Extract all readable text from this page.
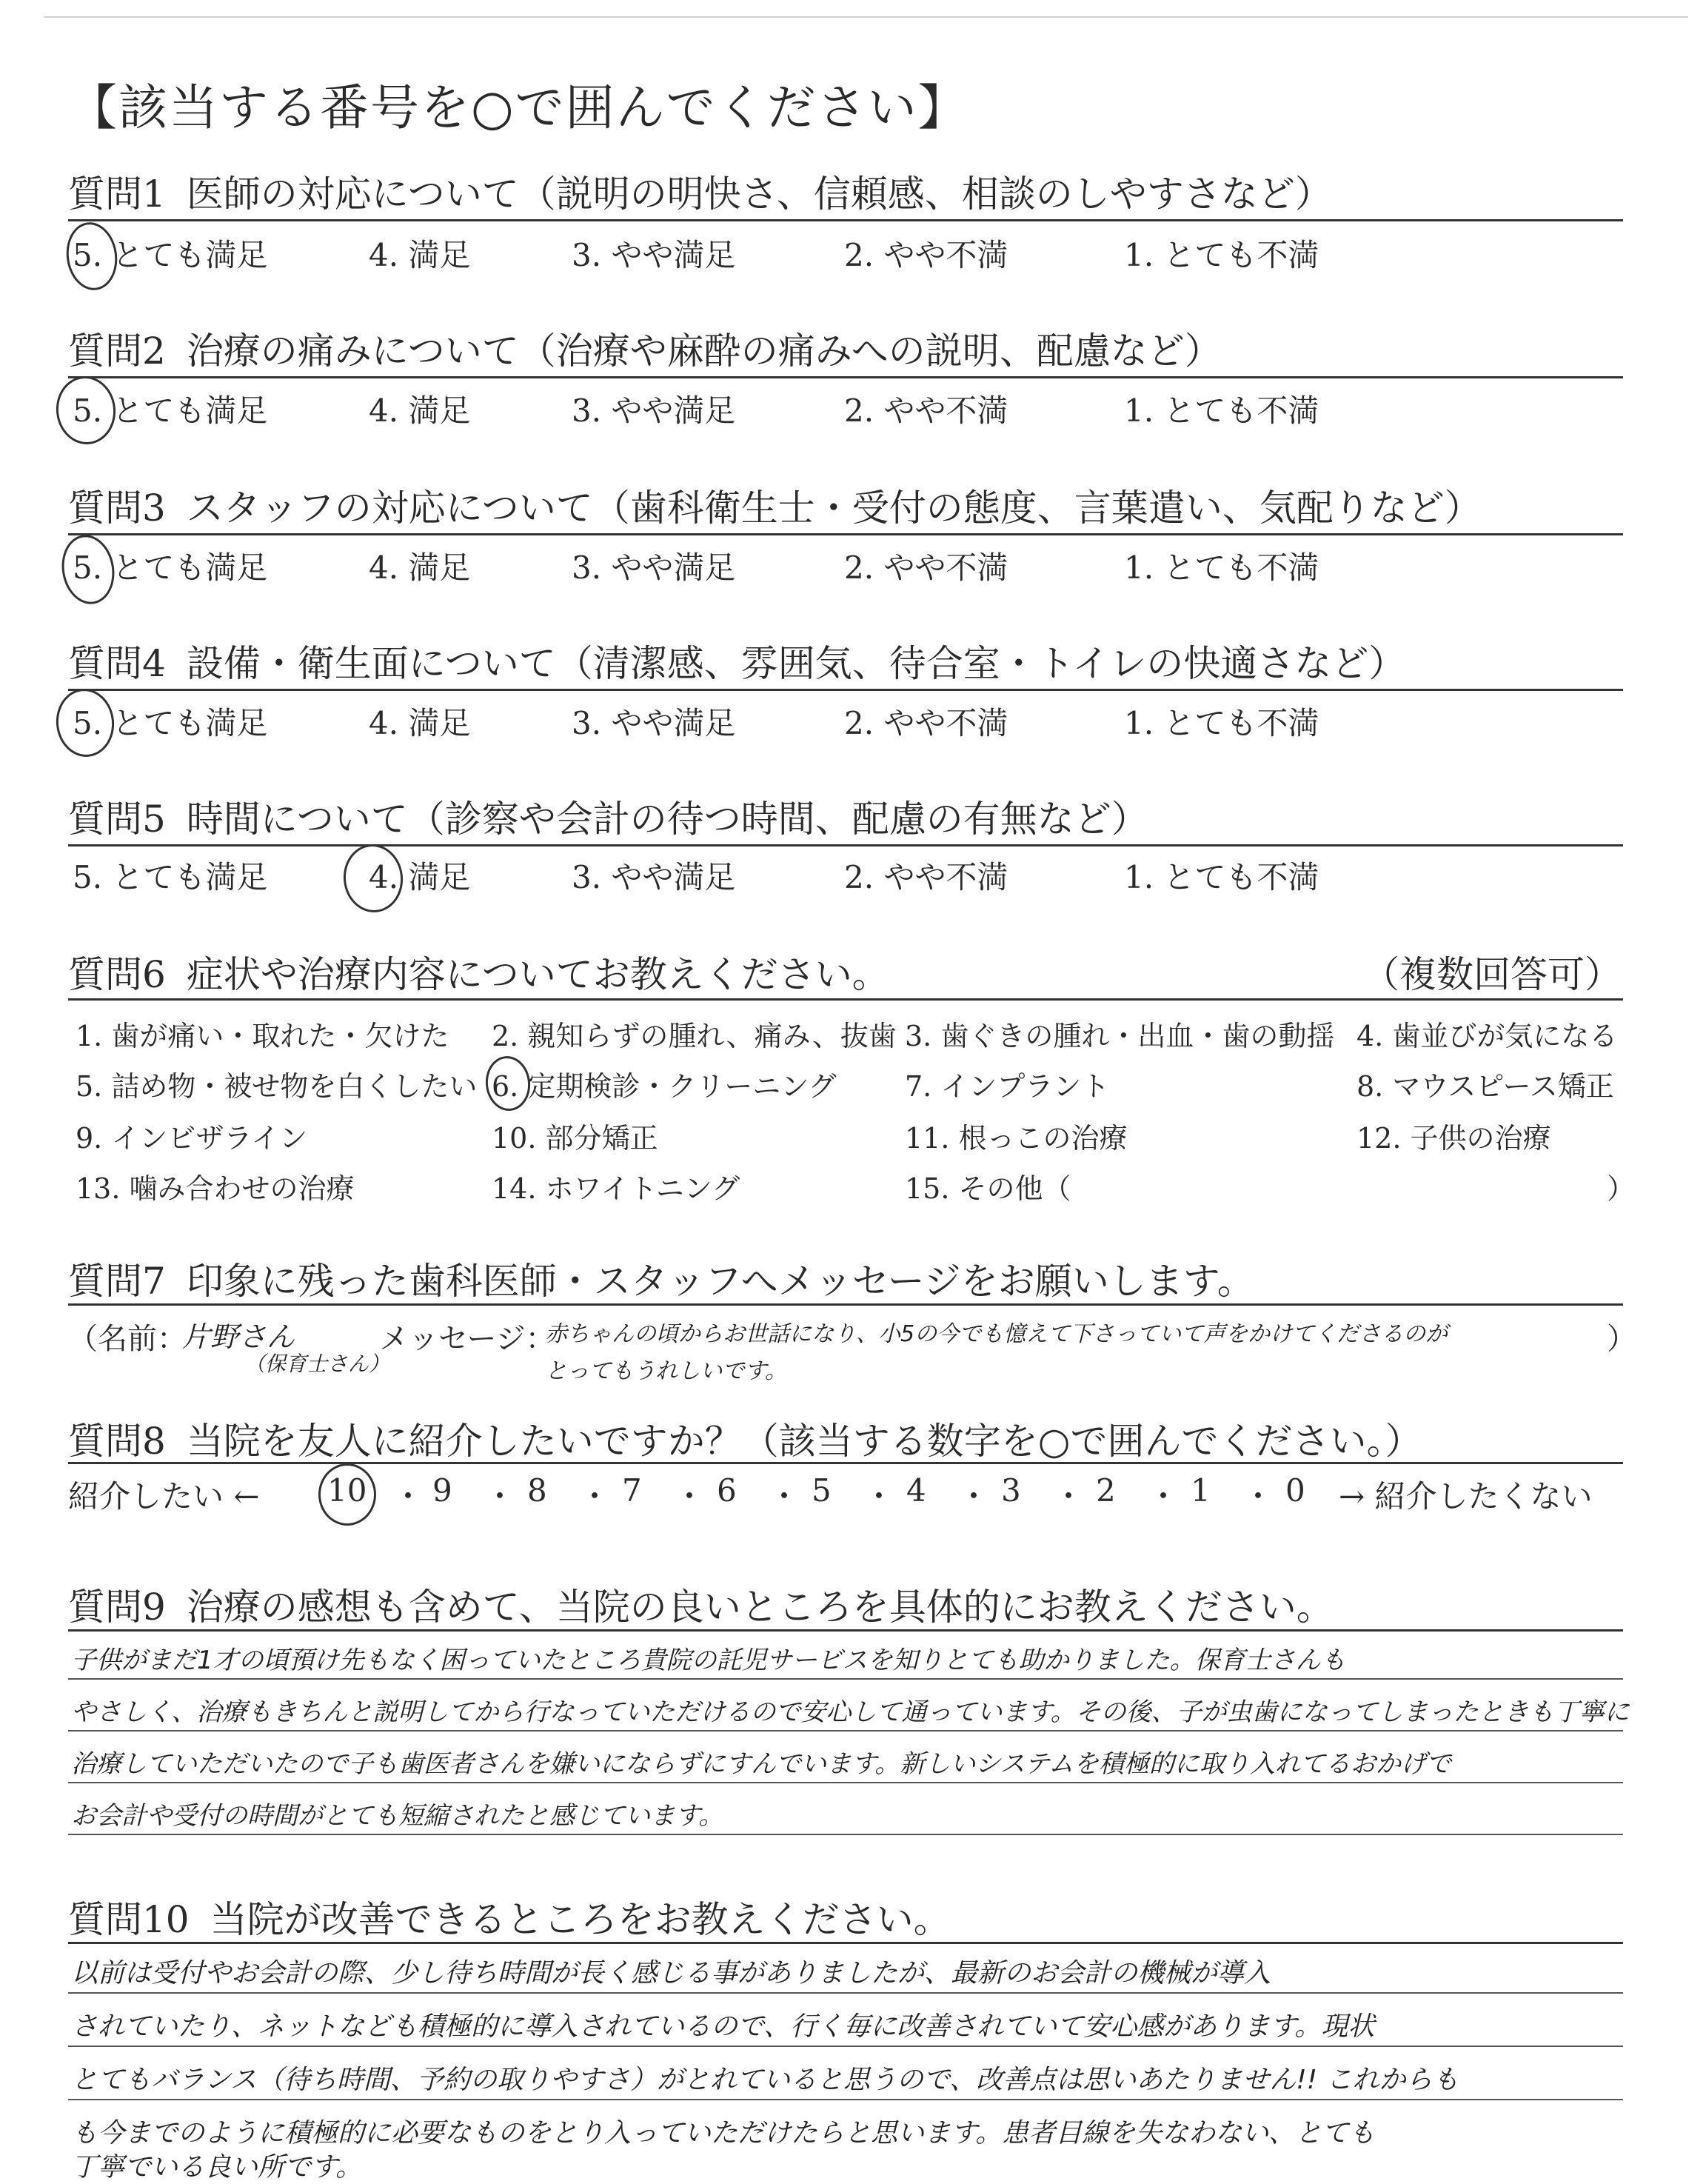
【該当する番号を○で囲んでください】
質問1 医師の対応について（説明の明快さ、信頼感、相談のしやすさなど）
5. とても満足	4. 満足	3. やや満足	2. やや不満	1. とても不満
質問2 治療の痛みについて（治療や麻酔の痛みへの説明、配慮など）
5. とても満足	4. 満足	3. やや満足	2. やや不満	1. とても不満
質問3 スタッフの対応について（歯科衛生士・受付の態度、言葉遣い、気配りなど）
5. とても満足	4. 満足	3. やや満足	2. やや不満	1. とても不満
質問4 設備・衛生面について（清潔感、雰囲気、待合室・トイレの快適さなど）
5. とても満足	4. 満足	3. やや満足	2. やや不満	1. とても不満
質問5 時間について（診察や会計の待つ時間、配慮の有無など）
5. とても満足	4. 満足	3. やや満足	2. やや不満	1. とても不満
質問6 症状や治療内容についてお教えください。	（複数回答可）
1. 歯が痛い・取れた・欠けた 2. 親知らずの腫れ、痛み、抜歯 3. 歯ぐきの腫れ・出血・歯の動揺 4. 歯並びが気になる
5. 詰め物・被せ物を白くしたい 6. 定期検診・クリーニング 7. インプラント	8. マウスピース矯正
9. インビザライン	10. 部分矯正	11. 根っこの治療	12. 子供の治療
13. 噛み合わせの治療	14. ホワイトニング	15. その他（	）
質問7 印象に残った歯科医師・スタッフへメッセージをお願いします。
（名前：
片野さん
（保育士さん）
メッセージ：
赤ちゃんの頃からお世話になり、小5の今でも憶えて下さっていて声をかけてくださるのが
とってもうれしいです。
）
質問8 当院を友人に紹介したいですか？（該当する数字を○で囲んでください。）
紹介したい ← 10 ・ 9 ・ 8 ・ 7 ・ 6 ・ 5 ・ 4 ・ 3 ・ 2 ・ 1 ・ 0 → 紹介したくない
質問9 治療の感想も含めて、当院の良いところを具体的にお教えください。
子供がまだ1才の頃預け先もなく困っていたところ貴院の託児サービスを知りとても助かりました。保育士さんも
やさしく、治療もきちんと説明してから行なっていただけるので安心して通っています。その後、子が虫歯になってしまったときも丁寧に
治療していただいたので子も歯医者さんを嫌いにならずにすんでいます。新しいシステムを積極的に取り入れてるおかげで
お会計や受付の時間がとても短縮されたと感じています。
質問10 当院が改善できるところをお教えください。
以前は受付やお会計の際、少し待ち時間が長く感じる事がありましたが、最新のお会計の機械が導入
されていたり、ネットなども積極的に導入されているので、行く毎に改善されていて安心感があります。現状
とてもバランス（待ち時間、予約の取りやすさ）がとれていると思うので、改善点は思いあたりません!! これからも
も今までのように積極的に必要なものをとり入っていただけたらと思います。患者目線を失なわない、とても
丁寧でいる良い所です。
